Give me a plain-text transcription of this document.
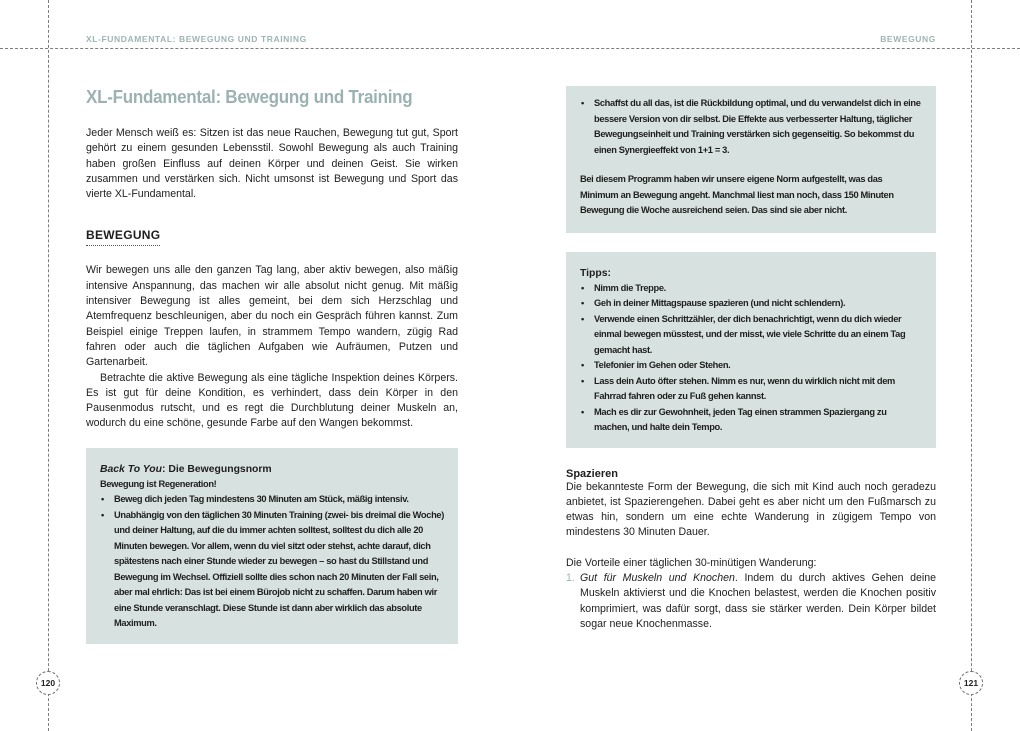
XL-FUNDAMENTAL: BEWEGUNG UND TRAINING	BEWEGUNG
120	121
XL-Fundamental: Bewegung und Training

Jeder Mensch weiß es: Sitzen ist das neue Rauchen, Bewegung tut gut, Sport gehört zu einem gesunden Lebensstil. Sowohl Bewegung als auch Training haben großen Einfluss auf deinen Körper und deinen Geist. Sie wirken zusammen und verstärken sich. Nicht umsonst ist Bewegung und Sport das vierte XL-Fundamental.

BEWEGUNG

Wir bewegen uns alle den ganzen Tag lang, aber aktiv bewegen, also mäßig intensive Anspannung, das machen wir alle absolut nicht genug. Mit mäßig intensiver Bewegung ist alles gemeint, bei dem sich Herzschlag und Atemfrequenz beschleunigen, aber du noch ein Gespräch führen kannst. Zum Beispiel einige Treppen laufen, in strammem Tempo wandern, zügig Rad fahren oder auch die täglichen Aufgaben wie Aufräumen, Putzen und Gartenarbeit.

Betrachte die aktive Bewegung als eine tägliche Inspektion deines Körpers. Es ist gut für deine Kondition, es verhindert, dass dein Körper in den Pausenmodus rutscht, und es regt die Durchblutung deiner Muskeln an, wodurch du eine schöne, gesunde Farbe auf den Wangen bekommst.

Back To You: Die Bewegungsnorm
Bewegung ist Regeneration!
• Beweg dich jeden Tag mindestens 30 Minuten am Stück, mäßig intensiv.
• Unabhängig von den täglichen 30 Minuten Training (zwei- bis dreimal die Woche) und deiner Haltung, auf die du immer achten solltest, solltest du dich alle 20 Minuten bewegen. Vor allem, wenn du viel sitzt oder stehst, achte darauf, dich spätestens nach einer Stunde wieder zu bewegen – so hast du Stillstand und Bewegung im Wechsel. Offiziell sollte dies schon nach 20 Minuten der Fall sein, aber mal ehrlich: Das ist bei einem Bürojob nicht zu schaffen. Darum haben wir eine Stunde veranschlagt. Diese Stunde ist dann aber wirklich das absolute Maximum.
• Schaffst du all das, ist die Rückbildung optimal, und du verwandelst dich in eine bessere Version von dir selbst. Die Effekte aus verbesserter Haltung, täglicher Bewegungseinheit und Training verstärken sich gegenseitig. So bekommst du einen Synergieeffekt von 1+1 = 3.

Bei diesem Programm haben wir unsere eigene Norm aufgestellt, was das Minimum an Bewegung angeht. Manchmal liest man noch, dass 150 Minuten Bewegung die Woche ausreichend seien. Das sind sie aber nicht.

Tipps:
• Nimm die Treppe.
• Geh in deiner Mittagspause spazieren (und nicht schlendern).
• Verwende einen Schrittzähler, der dich benachrichtigt, wenn du dich wieder einmal bewegen müsstest, und der misst, wie viele Schritte du an einem Tag gemacht hast.
• Telefonier im Gehen oder Stehen.
• Lass dein Auto öfter stehen. Nimm es nur, wenn du wirklich nicht mit dem Fahrrad fahren oder zu Fuß gehen kannst.
• Mach es dir zur Gewohnheit, jeden Tag einen strammen Spaziergang zu machen, und halte dein Tempo.
Spazieren

Die bekannteste Form der Bewegung, die sich mit Kind auch noch geradezu anbietet, ist Spazierengehen. Dabei geht es aber nicht um den Fußmarsch zu etwas hin, sondern um eine echte Wanderung in zügigem Tempo von mindestens 30 Minuten Dauer.

Die Vorteile einer täglichen 30-minütigen Wanderung:

1. Gut für Muskeln und Knochen. Indem du durch aktives Gehen deine Muskeln aktivierst und die Knochen belastest, werden die Knochen positiv komprimiert, was dafür sorgt, dass sie stärker werden. Dein Körper bildet sogar neue Knochenmasse.
